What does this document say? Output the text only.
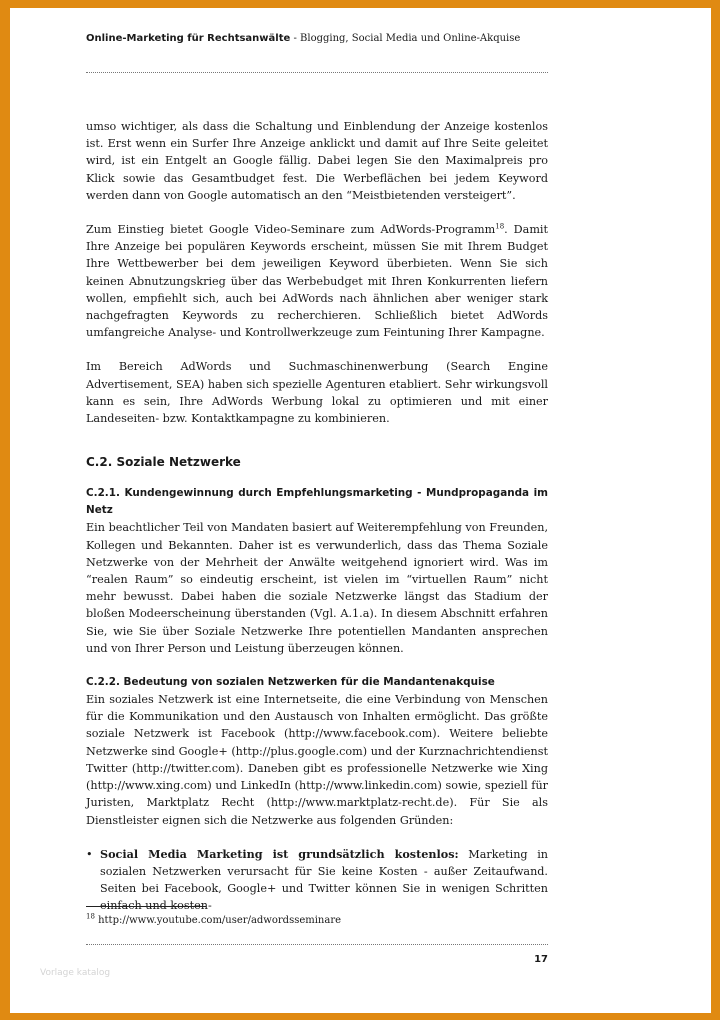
Online-Marketing für Rechtsanwälte - Blogging, Social Media und Online-Akquise

umso wichtiger, als dass die Schaltung und Einblendung der Anzeige kostenlos ist. Erst wenn ein Surfer Ihre Anzeige anklickt und damit auf Ihre Seite geleitet wird, ist ein Entgelt an Google fällig. Dabei legen Sie den Maximalpreis pro Klick sowie das Gesamtbudget fest. Die Werbeflächen bei jedem Keyword werden dann von Google automatisch an den “Meistbietenden versteigert”.

Zum Einstieg bietet Google Video-Seminare zum AdWords-Programm$^{18}$. Damit Ihre Anzeige bei populären Keywords erscheint, müssen Sie mit Ihrem Budget Ihre Wettbewerber bei dem jeweiligen Keyword überbieten. Wenn Sie sich keinen Abnutzungskrieg über das Werbebudget mit Ihren Konkurrenten liefern wollen, empfiehlt sich, auch bei AdWords nach ähnlichen aber weniger stark nachgefragten Keywords zu recherchieren. Schließlich bietet AdWords umfangreiche Analyse- und Kontrollwerkzeuge zum Feintuning Ihrer Kampagne.

Im Bereich AdWords und Suchmaschinenwerbung (Search Engine Advertisement, SEA) haben sich spezielle Agenturen etabliert. Sehr wirkungsvoll kann es sein, Ihre AdWords Werbung lokal zu optimieren und mit einer Landeseiten- bzw. Kontaktkampagne zu kombinieren.

C.2. Soziale Netzwerke
C.2.1. Kundengewinnung durch Empfehlungsmarketing - Mundpropaganda im Netz

Ein beachtlicher Teil von Mandaten basiert auf Weiterempfehlung von Freunden, Kollegen und Bekannten. Daher ist es verwunderlich, dass das Thema Soziale Netzwerke von der Mehrheit der Anwälte weitgehend ignoriert wird. Was im “realen Raum” so eindeutig erscheint, ist vielen im “virtuellen Raum” nicht mehr bewusst. Dabei haben die soziale Netzwerke längst das Stadium der bloßen Modeerscheinung überstanden (Vgl. A.1.a). In diesem Abschnitt erfahren Sie, wie Sie über Soziale Netzwerke Ihre potentiellen Mandanten ansprechen und von Ihrer Person und Leistung überzeugen können.

C.2.2. Bedeutung von sozialen Netzwerken für die Mandantenakquise

Ein soziales Netzwerk ist eine Internetseite, die eine Verbindung von Menschen für die Kommunikation und den Austausch von Inhalten ermöglicht. Das größte soziale Netzwerk ist Facebook (http://www.facebook.com). Weitere beliebte Netzwerke sind Google+ (http://plus.google.com) und der Kurznachrichtendienst Twitter (http://twitter.com). Daneben gibt es professionelle Netzwerke wie Xing (http://www.xing.com) und LinkedIn (http://www.linkedin.com) sowie, speziell für Juristen, Marktplatz Recht (http://www.marktplatz-recht.de). Für Sie als Dienstleister eignen sich die Netzwerke aus folgenden Gründen:

• Social Media Marketing ist grundsätzlich kostenlos: Marketing in sozialen Netzwerken verursacht für Sie keine Kosten - außer Zeitaufwand. Seiten bei Facebook, Google+ und Twitter können Sie in wenigen Schritten einfach und kosten-
$^{18}$ http://www.youtube.com/user/adwordsseminare
17
Vorlage katalog
